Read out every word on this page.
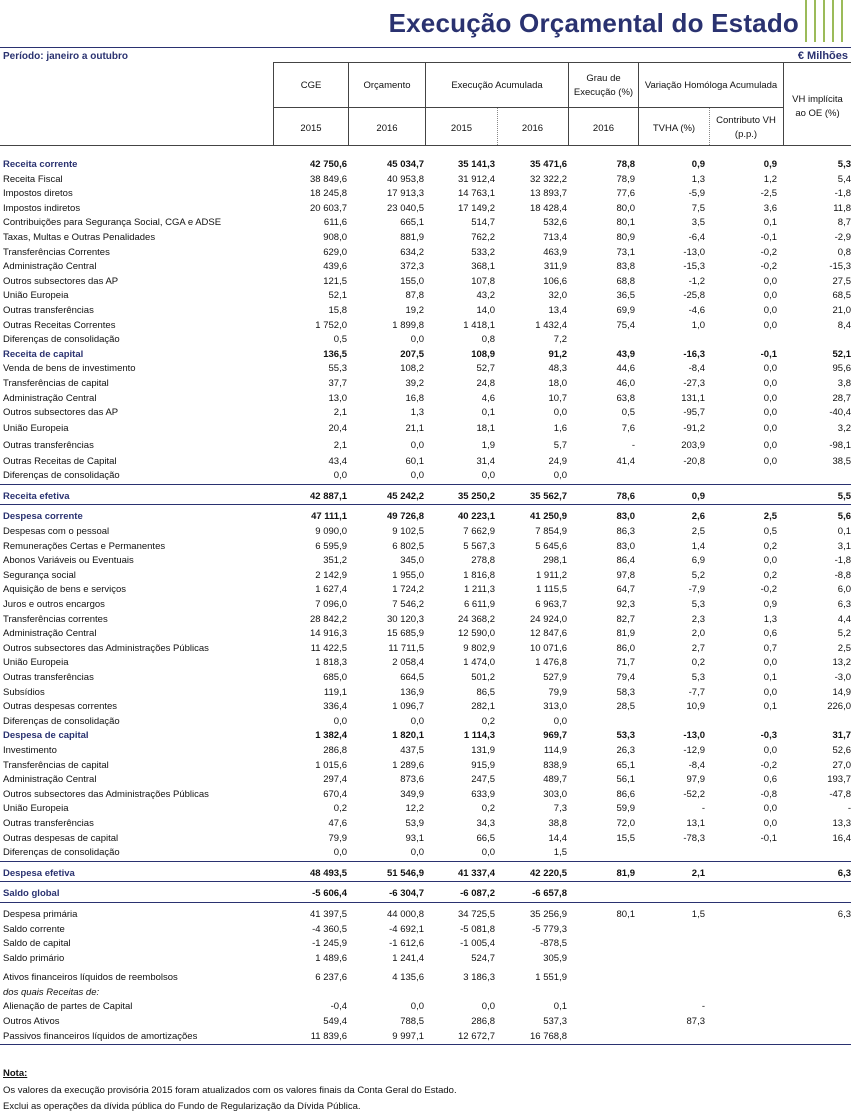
Execução Orçamental do Estado
Período: janeiro a outubro	€ Milhões
CGE	Orçamento	Execução Acumulada
Grau de
Execução (%)
Variação Homóloga Acumulada
VH implícita
ao OE (%)
2015	2016	2015	2016	2016	TVHA (%)
Contributo VH
(p.p.)
Receita corrente	42 750,6	45 034,7	35 141,3	35 471,6	78,8	0,9	0,9	5,3
Receita Fiscal	38 849,6	40 953,8	31 912,4	32 322,2	78,9	1,3	1,2	5,4
Impostos diretos	18 245,8	17 913,3	14 763,1	13 893,7	77,6	-5,9	-2,5	-1,8
Impostos indiretos	20 603,7	23 040,5	17 149,2	18 428,4	80,0	7,5	3,6	11,8
Contribuições para Segurança Social, CGA e ADSE	611,6	665,1	514,7	532,6	80,1	3,5	0,1	8,7
Taxas, Multas e Outras Penalidades	908,0	881,9	762,2	713,4	80,9	-6,4	-0,1	-2,9
Transferências Correntes	629,0	634,2	533,2	463,9	73,1	-13,0	-0,2	0,8
Administração Central	439,6	372,3	368,1	311,9	83,8	-15,3	-0,2	-15,3
Outros subsectores das AP	121,5	155,0	107,8	106,6	68,8	-1,2	0,0	27,5
União Europeia	52,1	87,8	43,2	32,0	36,5	-25,8	0,0	68,5
Outras transferências	15,8	19,2	14,0	13,4	69,9	-4,6	0,0	21,0
Outras Receitas Correntes	1 752,0	1 899,8	1 418,1	1 432,4	75,4	1,0	0,0	8,4
Diferenças de consolidação	0,5	0,0	0,8	7,2				
Receita de capital	136,5	207,5	108,9	91,2	43,9	-16,3	-0,1	52,1
Venda de bens de investimento	55,3	108,2	52,7	48,3	44,6	-8,4	0,0	95,6
Transferências de capital	37,7	39,2	24,8	18,0	46,0	-27,3	0,0	3,8
Administração Central	13,0	16,8	4,6	10,7	63,8	131,1	0,0	28,7
Outros subsectores das AP	2,1	1,3	0,1	0,0	0,5	-95,7	0,0	-40,4
União Europeia	20,4	21,1	18,1	1,6	7,6	-91,2	0,0	3,2
Outras transferências	2,1	0,0	1,9	5,7	-	203,9	0,0	-98,1
Outras Receitas de Capital	43,4	60,1	31,4	24,9	41,4	-20,8	0,0	38,5
Diferenças de consolidação	0,0	0,0	0,0	0,0				

Receita efetiva	42 887,1	45 242,2	35 250,2	35 562,7	78,6	0,9		5,5

Despesa corrente	47 111,1	49 726,8	40 223,1	41 250,9	83,0	2,6	2,5	5,6
Despesas com o pessoal	9 090,0	9 102,5	7 662,9	7 854,9	86,3	2,5	0,5	0,1
Remunerações Certas e Permanentes	6 595,9	6 802,5	5 567,3	5 645,6	83,0	1,4	0,2	3,1
Abonos Variáveis ou Eventuais	351,2	345,0	278,8	298,1	86,4	6,9	0,0	-1,8
Segurança social	2 142,9	1 955,0	1 816,8	1 911,2	97,8	5,2	0,2	-8,8
Aquisição de bens e serviços	1 627,4	1 724,2	1 211,3	1 115,5	64,7	-7,9	-0,2	6,0
Juros e outros encargos	7 096,0	7 546,2	6 611,9	6 963,7	92,3	5,3	0,9	6,3
Transferências correntes	28 842,2	30 120,3	24 368,2	24 924,0	82,7	2,3	1,3	4,4
Administração Central	14 916,3	15 685,9	12 590,0	12 847,6	81,9	2,0	0,6	5,2
Outros subsectores das Administrações Públicas	11 422,5	11 711,5	9 802,9	10 071,6	86,0	2,7	0,7	2,5
União Europeia	1 818,3	2 058,4	1 474,0	1 476,8	71,7	0,2	0,0	13,2
Outras transferências	685,0	664,5	501,2	527,9	79,4	5,3	0,1	-3,0
Subsídios	119,1	136,9	86,5	79,9	58,3	-7,7	0,0	14,9
Outras despesas correntes	336,4	1 096,7	282,1	313,0	28,5	10,9	0,1	226,0
Diferenças de consolidação	0,0	0,0	0,2	0,0				
Despesa de capital	1 382,4	1 820,1	1 114,3	969,7	53,3	-13,0	-0,3	31,7
Investimento	286,8	437,5	131,9	114,9	26,3	-12,9	0,0	52,6
Transferências de capital	1 015,6	1 289,6	915,9	838,9	65,1	-8,4	-0,2	27,0
Administração Central	297,4	873,6	247,5	489,7	56,1	97,9	0,6	193,7
Outros subsectores das Administrações Públicas	670,4	349,9	633,9	303,0	86,6	-52,2	-0,8	-47,8
União Europeia	0,2	12,2	0,2	7,3	59,9	-	0,0	-
Outras transferências	47,6	53,9	34,3	38,8	72,0	13,1	0,0	13,3
Outras despesas de capital	79,9	93,1	66,5	14,4	15,5	-78,3	-0,1	16,4
Diferenças de consolidação	0,0	0,0	0,0	1,5				

Despesa efetiva	48 493,5	51 546,9	41 337,4	42 220,5	81,9	2,1		6,3

Saldo global	-5 606,4	-6 304,7	-6 087,2	-6 657,8				

Despesa primária	41 397,5	44 000,8	34 725,5	35 256,9	80,1	1,5		6,3
Saldo corrente	-4 360,5	-4 692,1	-5 081,8	-5 779,3				
Saldo de capital	-1 245,9	-1 612,6	-1 005,4	-878,5				
Saldo primário	1 489,6	1 241,4	524,7	305,9				

Ativos financeiros líquidos de reembolsos	6 237,6	4 135,6	3 186,3	1 551,9				
dos quais Receitas de:								
Alienação de partes de Capital	-0,4	0,0	0,0	0,1		-		
Outros Ativos	549,4	788,5	286,8	537,3		87,3		
Passivos financeiros líquidos de amortizações	11 839,6	9 997,1	12 672,7	16 768,8				
Nota:
Os valores da execução provisória 2015 foram atualizados com os valores finais da Conta Geral do Estado.
Exclui as operações da dívida pública do Fundo de Regularização da Dívida Pública.
